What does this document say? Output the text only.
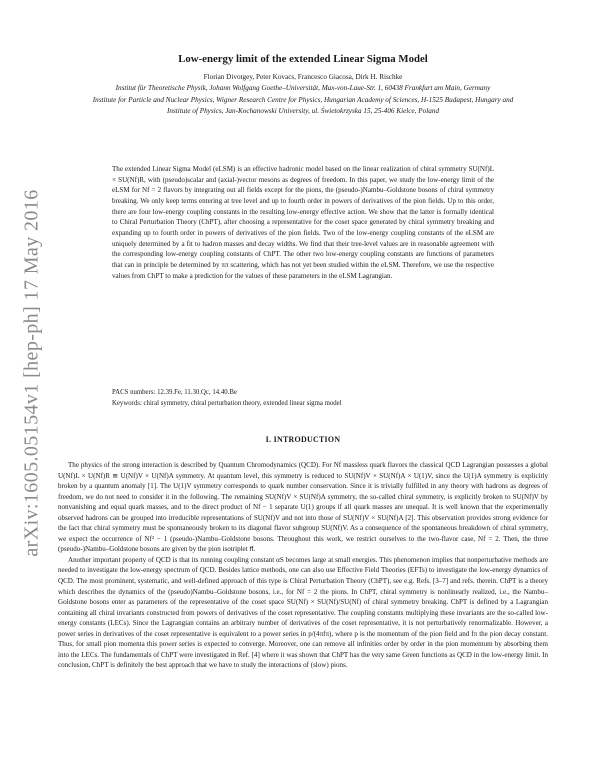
arXiv:1605.05154v1 [hep-ph] 17 May 2016
Low-energy limit of the extended Linear Sigma Model
Florian Divotgey, Peter Kovacs, Francesco Giacosa, Dirk H. Rischke
Institut für Theoretische Physik, Johann Wolfgang Goethe–Universität, Max-von-Laue-Str. 1, 60438 Frankfurt am Main, Germany
Institute for Particle and Nuclear Physics, Wigner Research Centre for Physics, Hungarian Academy of Sciences, H-1525 Budapest, Hungary and
Institute of Physics, Jan-Kochanowski University, ul. Świetokrzyska 15, 25-406 Kielce, Poland

The extended Linear Sigma Model (eLSM) is an effective hadronic model based on the linear realization of chiral symmetry SU(Nf)L × SU(Nf)R, with (pseudo)scalar and (axial-)vector mesons as degrees of freedom. In this paper, we study the low-energy limit of the eLSM for Nf = 2 flavors by integrating out all fields except for the pions, the (pseudo-)Nambu–Goldstone bosons of chiral symmetry breaking. We only keep terms entering at tree level and up to fourth order in powers of derivatives of the pion fields. Up to this order, there are four low-energy coupling constants in the resulting low-energy effective action. We show that the latter is formally identical to Chiral Perturbation Theory (ChPT), after choosing a representative for the coset space generated by chiral symmetry breaking and expanding up to fourth order in powers of derivatives of the pion fields. Two of the low-energy coupling constants of the eLSM are uniquely determined by a fit to hadron masses and decay widths. We find that their tree-level values are in reasonable agreement with the corresponding low-energy coupling constants of ChPT. The other two low-energy coupling constants are functions of parameters that can in principle be determined by ππ scattering, which has not yet been studied within the eLSM. Therefore, we use the respective values from ChPT to make a prediction for the values of these parameters in the eLSM Lagrangian.

PACS numbers: 12.39.Fe, 11.30.Qc, 14.40.Be
Keywords: chiral symmetry, chiral perturbation theory, extended linear sigma model
I. INTRODUCTION

The physics of the strong interaction is described by Quantum Chromodynamics (QCD). For Nf massless quark flavors the classical QCD Lagrangian possesses a global U(Nf)L × U(Nf)R ≅ U(Nf)V × U(Nf)A symmetry. At quantum level, this symmetry is reduced to SU(Nf)V × SU(Nf)A × U(1)V, since the U(1)A symmetry is explicitly broken by a quantum anomaly [1]. The U(1)V symmetry corresponds to quark number conservation. Since it is trivially fulfilled in any theory with hadrons as degrees of freedom, we do not need to consider it in the following. The remaining SU(Nf)V × SU(Nf)A symmetry, the so-called chiral symmetry, is explicitly broken to SU(Nf)V by nonvanishing and equal quark masses, and to the direct product of Nf − 1 separate U(1) groups if all quark masses are unequal. It is well known that the experimentally observed hadrons can be grouped into irreducible representations of SU(Nf)V and not into those of SU(Nf)V × SU(Nf)A [2]. This observation provides strong evidence for the fact that chiral symmetry must be spontaneously broken to its diagonal flavor subgroup SU(Nf)V. As a consequence of the spontaneous breakdown of chiral symmetry, we expect the occurrence of Nf² − 1 (pseudo-)Nambu–Goldstone bosons. Throughout this work, we restrict ourselves to the two-flavor case, Nf = 2. Then, the three (pseudo-)Nambu–Goldstone bosons are given by the pion isotriplet π⃗.

Another important property of QCD is that its running coupling constant αS becomes large at small energies. This phenomenon implies that nonperturbative methods are needed to investigate the low-energy spectrum of QCD. Besides lattice methods, one can also use Effective Field Theories (EFTs) to investigate the low-energy dynamics of QCD. The most prominent, systematic, and well-defined approach of this type is Chiral Perturbation Theory (ChPT), see e.g. Refs. [3–7] and refs. therein. ChPT is a theory which describes the dynamics of the (pseudo)Nambu–Goldstone bosons, i.e., for Nf = 2 the pions. In ChPT, chiral symmetry is nonlinearly realized, i.e., the Nambu–Goldstone bosons enter as parameters of the representative of the coset space SU(Nf) × SU(Nf)/SU(Nf) of chiral symmetry breaking. ChPT is defined by a Lagrangian containing all chiral invariants constructed from powers of derivatives of the coset representative. The coupling constants multiplying these invariants are the so-called low-energy constants (LECs). Since the Lagrangian contains an arbitrary number of derivatives of the coset representative, it is not perturbatively renormalizable. However, a power series in derivatives of the coset representative is equivalent to a power series in p/(4πfπ), where p is the momentum of the pion field and fπ the pion decay constant. Thus, for small pion momenta this power series is expected to converge. Moreover, one can remove all infinities order by order in the pion momentum by absorbing them into the LECs. The fundamentals of ChPT were investigated in Ref. [4] where it was shown that ChPT has the very same Green functions as QCD in the low-energy limit. In conclusion, ChPT is definitely the best approach that we have to study the interactions of (slow) pions.
